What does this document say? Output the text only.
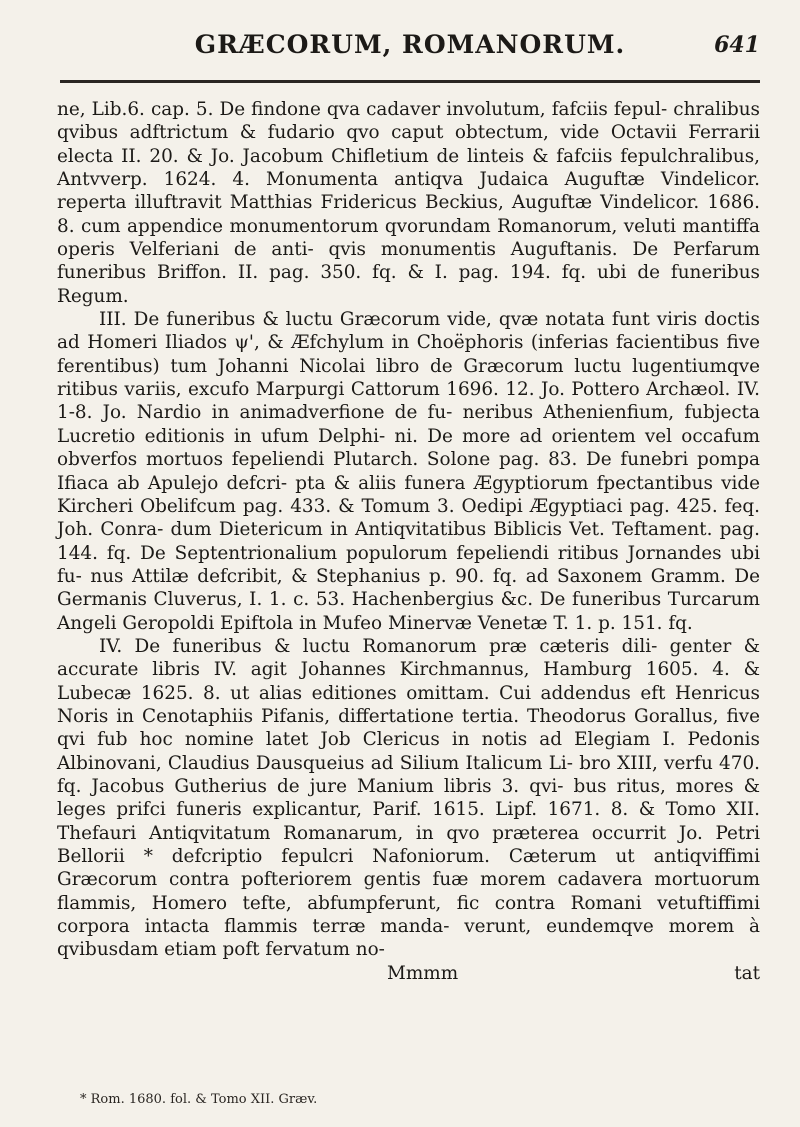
GRÆCORUM, ROMANORUM.	641

ne, Lib.6. cap. 5. De findone qva cadaver involutum, fafciis fepul- chralibus qvibus adftrictum & fudario qvo caput obtectum, vide Octavii Ferrarii electa II. 20. & Jo. Jacobum Chifletium de linteis & fafciis fepulchralibus, Antvverp. 1624. 4. Monumenta antiqva Judaica Auguftæ Vindelicor. reperta illuftravit Matthias Fridericus Beckius, Auguftæ Vindelicor. 1686. 8. cum appendice monumentorum qvorundam Romanorum, veluti mantiffa operis Velferiani de anti- qvis monumentis Auguftanis. De Perfarum funeribus Briffon. II. pag. 350. fq. & I. pag. 194. fq. ubi de funeribus Regum.

III. De funeribus & luctu Græcorum vide, qvæ notata funt viris doctis ad Homeri Iliados ψ', & Æfchylum in Choëphoris (inferias facientibus five ferentibus) tum Johanni Nicolai libro de Græcorum luctu lugentiumqve ritibus variis, excufo Marpurgi Cattorum 1696. 12. Jo. Pottero Archæol. IV. 1-8. Jo. Nardio in animadverfione de fu- neribus Athenienfium, fubjecta Lucretio editionis in ufum Delphi- ni. De more ad orientem vel occafum obverfos mortuos fepeliendi Plutarch. Solone pag. 83. De funebri pompa Ifiaca ab Apulejo defcri- pta & aliis funera Ægyptiorum fpectantibus vide Kircheri Obelifcum pag. 433. & Tomum 3. Oedipi Ægyptiaci pag. 425. feq. Joh. Conra- dum Dietericum in Antiqvitatibus Biblicis Vet. Teftament. pag. 144. fq. De Septentrionalium populorum fepeliendi ritibus Jornandes ubi fu- nus Attilæ defcribit, & Stephanius p. 90. fq. ad Saxonem Gramm. De Germanis Cluverus, I. 1. c. 53. Hachenbergius &c. De funeribus Turcarum Angeli Geropoldi Epiftola in Mufeo Minervæ Venetæ T. 1. p. 151. fq.

IV. De funeribus & luctu Romanorum præ cæteris dili- genter & accurate libris IV. agit Johannes Kirchmannus, Hamburg 1605. 4. & Lubecæ 1625. 8. ut alias editiones omittam. Cui addendus eft Henricus Noris in Cenotaphiis Pifanis, differtatione tertia. Theodorus Gorallus, five qvi fub hoc nomine latet Job Clericus in notis ad Elegiam I. Pedonis Albinovani, Claudius Dausqueius ad Silium Italicum Li- bro XIII, verfu 470. fq. Jacobus Gutherius de jure Manium libris 3. qvi- bus ritus, mores & leges prifci funeris explicantur, Parif. 1615. Lipf. 1671. 8. & Tomo XII. Thefauri Antiqvitatum Romanarum, in qvo præterea occurrit Jo. Petri Bellorii * defcriptio fepulcri Nafoniorum. Cæterum ut antiqviffimi Græcorum contra pofteriorem gentis fuæ morem cadavera mortuorum flammis, Homero tefte, abfumpferunt, fic contra Romani vetuftiffimi corpora intacta flammis terræ manda- verunt, eundemqve morem à qvibusdam etiam poft fervatum no-

Mmmm	tat

* Rom. 1680. fol. & Tomo XII. Græv.
